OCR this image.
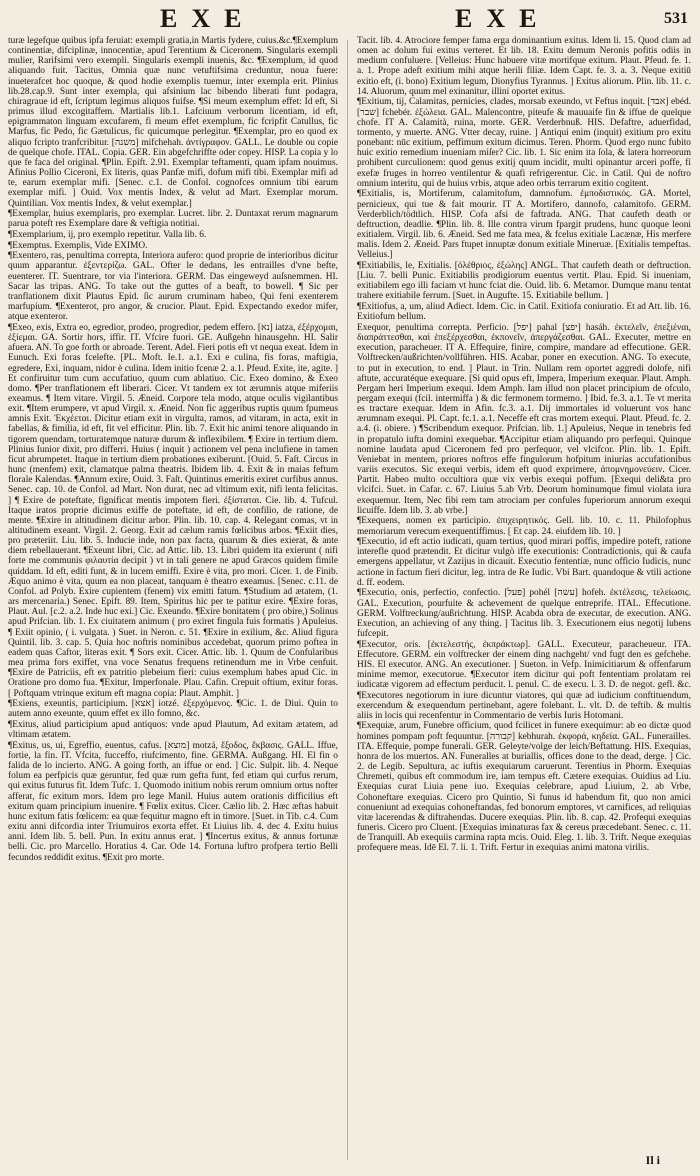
EXE	EXE	531

turæ legefque quibus ipfa feruiat: exempli gratia,in Martis fydere, cuius.&c.¶Exemplum continentiæ, difciplinæ, innocentiæ, apud Terentium & Ciceronem. Singularis exempli mulier, Rarifsimi vero exempli. Singularis exempli inuenis, &c. ¶Exemplum, id quod aliquando fuit. Tacitus, Omnia quæ nunc vetuftifsima creduntur, noua fuere: inueterafcet hoc quoque, & quod hodie exemplis tuemur, inter exempla erit. Plinius lib.28.cap.9. Sunt inter exempla, qui afsinium lac bibendo liberati funt podagra, chiragraue id eft, ſcriptum legimus aliquos fuifse. ¶Si meum exemplum effet: Id eft, Si primus illud excogitaffem. Martialis lib.1. Lafciuum verborum licentiam, id eft, epigrammaton linguam excufarem, fi meum effet exemplum, fic fcripfit Catullus, fic Marfus, fic Pedo, fic Gætulicus, fic quicumque perlegitur. ¶Exemplar, pro eo quod ex aliquo fcripto tranfcribitur. [משנה] mifchehah. ἀντίγραφον. GALL. Le double ou copie de quelque chofe. ITAL. Copia. GER. Ein abgefchriffte oder copey. HISP. La copia y lo que fe faca del original. ¶Plin. Epift. 2.91. Exemplar teftamenti, quam ipfam nouimus. Afinius Pollio Ciceroni, Ex literis, quas Panfæ mifi, dofum mifi tibi. Exemplar mifi ad te, earum exemplar mifi. [Senec. c.1. de Confol. cognofces omnium tibi earum exemplar mifi. ] Ouid. Vox mentis Index, & velut ad Mart. Exemplar morum. Quintilian. Vox mentis Index, & velut exemplar.]

¶Exemplar, huius exemplaris, pro exemplar. Lucret. libr. 2. Duntaxat rerum magnarum parua poteft res Exemplare dare & veftigia notitiai.

¶Exemplarium, ij, pro exemplo repetitur. Valla lib. 6.

¶Exemptus. Exemplis, Vide EXIMO.

¶Exentero, ras, penultima correpta, Interiora aufero: quod proprie de interioribus dicitur quum apparantur. ἐξεντερίζω. GAL. Ofter le dedans, les entrailles d'vne befte, euenterer. IT. Suentrare, tor via l'interiora. GERM. Das eingeweyd auſsnemmen. HI. Sacar las tripas. ANG. To take out the guttes of a beaft, to bowell. ¶ Sic per tranflationem dixit Plautus Epid. ſic aurum cruminam habeo, Qui feni exenterem marfupium. ¶Exenterot, pro angor, & crucior. Plaut. Epid. Expectando exedor mifer, atque exenteror.

¶Exeo, exis, Extra eo, egredior, prodeo, progredior, pedem effero. [נא] iatza, ἐξέρχομαι, ἐξίεμαι. GA. Sortir hors, iffir. IT. Vfcire fuori. GE. Außgehn hinausgehn. HI. Salir afuera. AN. To goe forth or abroade. Terent. Adel. Fieri potis eft vt nequa exeat. Idem in Eunuch. Exi foras fcelefte. [PL. Moft. Ie.1. a.1. Exi e culina, fis foras, maftigia, egredere, Exi, inquam, nidor è culina. Idem initio fcenæ 2. a.1. Pfeud. Exite, ite, agite. ] Et confiruitur tum cum accufatiuo, quum cum ablatiuo. Cic. Exeo domino, & Exeo domo. ¶Per tranflationem eft liberari. Cicer. Vt tandem ex tot ærumnis atque miferiis exeamus. ¶ Item vitare. Virgil. 5. Æneid. Corpore tela modo, atque oculis vigilantibus exit. ¶Item erumpere, vt apud Virgil. x. Æneid. Non fic aggeribus ruptis quum fpumeus amnis Exit. Ἐκχέεται. Dicitur etiam exit in virgulta, ramos, ad vitaram, in acta, exit in fabellas, & fimilia, id eft, fit vel efficitur. Plin. lib. 7. Exit hic animi tenore aliquando in tigorem quendam, torturatemque naturæ durum & inflexibilem. ¶ Exire in tertium diem. Plinius Iunior dixit, pro differri. Huius ( inquit ) actionem vel pena inclufiene in tamen ficut abrumpetet. Itaque in tertium diem probationes exiberunt. [Ouid. 5. Faſt. Circus in hunc (menfem) exit, clamatque palma theatris. Ibidem lib. 4. Exit & in maias feftum florale Kalendas. ¶Annum exire, Ouid. 3. Faſt. Quintinus emeritis exiret curfibus annus. Senec. cap. 10. de Confol. ad Mart. Non durat, nec ad vltimum exit, nifi lenta felicitas. ] ¶ Exire de poteftate, fignificat mentis impotem fieri. ἐξίσταται. Cie. lib. 4. Tufcul. Itaque iratos proprie dicimus exiffe de poteftate, id eft, de confilio, de ratione, de mente. ¶Exire in altitudinem dicitur arbor. Plin. lib. 10. cap. 4. Relegant comas, vt in altitudinem exeant. Virgil. 2. Georg. Exit ad cælum ramis fœlicibus arbos. ¶Exiit dies, pro præteriit. Liu. lib. 5. Inducie inde, non pax facta, quarum & dies exierat, & ante diem rebellauerant. ¶Exeunt libri, Cic. ad Attic. lib. 13. Libri quidem ita exierunt ( nifi forte me communis φιλαυτία decipit ) vt in tali genere ne apud Græcos quidem fimile quiddam. Id eft, editi funt, & in lucem emiffi. Exire è vita, pro mori. Cicer. 1. de Finib. Æquo animo è vita, quum ea non placeat, tanquam è theatro exeamus. [Senec. c.11. de Confol. ad Polyb. Exire cupientem (fenem) vix emitti fatum. ¶Studium ad ætatem, (1. ars mercenaria.) Senec. Epift. 89. Item, Spiritus hic per te patitur exire. ¶Exire foras, Plaut. Aul. [c.2. a.2. Inde huc exi.] Cic. Exeundo. ¶Exire bonitatem ( pro obire,) Solinus apud Prifcian. lib. 1. Ex ciuitatem animum ( pro exiret fingula fuis formatis ) Apuleius. ¶ Exiit opinio, ( i. vulgata. ) Suet. in Neron. c. 51. ¶Exire in exilium, &c. Aliud figura Quintil. lib. 3. cap. 5. Quia hoc noftris nominibus accedebat, quorum primo poftea in eadem quas Caftor, literas exit. ¶ Sors exit. Cicer. Attic. lib. 1. Quum de Confularibus mea prima fors exiffet, vna voce Senatus frequens retinendum me in Vrbe cenfuit. ¶Exire de Patriciis, eft ex patritio plebeium fieri: cuius exemplum habes apud Cic. in Oratione pro domo fua. ¶Exitur, Imperfonale. Plau. Cafin. Crepuit oftium, exitur foras. [ Poftquam vtrinque exitum eft magna copia: Plaut. Amphit. ]

¶Exiens, exeuntis, participium. [אצא] iotzé. ἐξερχόμενος. ¶Cic. 1. de Diui. Quin to autem anno exeunte, quum effet ex illo fomno, &c.

¶Exitus, aliud participium apud antiquos: vnde apud Plautum, Ad exitam ætatem, ad vltimam ætatem.

¶Exitus, us, ui, Egreffio, euentus, cafus. [מוצא] motzá, ἔξοδος, ἔκβασις. GALL. Iffue, fortie, la fin. IT. Vfcita, fucceffo, riufcimento, fine. GERMA. Außgang. HI. El fin o falida de lo incierto. ANG. A going forth, an iffue or end. ] Cic. Sulpit. lib. 4. Neque folum ea perfpicis quæ geruntur, fed quæ rum gefta funt, fed etiam qui curfus rerum, qui exitus futurus fit. Idem Tufc. 1. Quomodo initium nobis rerum omnium ortus nofter afferat, fic exitum mors. Idem pro lege Manil. Huius autem orationis difficilius eft exitum quam principium inuenire. ¶ Fœlix exitus. Cicer. Cælio lib. 2. Hæc æftas habuit hunc exitum fatis fœlicem: ea quæ fequitur magno eft in timore. [Suet. in Tib. c.4. Cum exitu anni difcordia inter Triumuiros exorta effet. Et Liuius lib. 4. dec 4. Exitu huius anni. Idem lib. 5. bell. Pun. In exitu annus erat. ] ¶Incertus exitus, & annus fortunæ belli. Cic. pro Marcello. Horatius 4. Car. Ode 14. Fortuna luftro profpera tertio Belli fecundos reddidit exitus. ¶Exit pro morte.

Tacit. lib. 4. Atrociore femper fama erga dominantium exitus. Idem li. 15. Quod clam ad omen ac dolum fui exitus verteret. Et lib. 18. Exitu demum Neronis pofitis odiis in medium confuluere. [Velleius: Hunc habuere vitæ mortifque exitum. Plaut. Pfeud. fe. 1. a. 1. Prope adeft exitium mihi atque herili filiæ. Idem Capt. fe. 3. a. 3. Neque exitiū exitio eft, (i. bono) Exitium legum, Dionyfius Tyrannus. ] Exitus aliorum. Plin. lib. 11. c. 14. Aluorum, quum mel exinanitur, illini oportet exitus.

¶Exitium, tij, Calamitas, pernicies, clades, morsab exeundo, vt Feftus inquit. [אבד] ebéd. [שבר] fchebér. ἐξώλεια. GAL. Malencontre, piteufe & mauuaife fin & iffue de quelque chofe. IT A. Calamità, ruina, morte. GER. Verderbnuß. HIS. Defaftre, aduerfidad, tormento, y muerte. ANG. Vtter decay, ruine. ] Antiqui enim (inquit) exitium pro exitu ponebant: nūc exitium, peffimum exitum dicimus. Teren. Phorm. Quod ergo nunc fubito huic exitio remedium inueniam miſer? Cic. lib. 1. Sic enim ita ſola, & latera horreorum prohibent curculionem: quod genus exitij quum incidit, multi opinantur arceri poffe, fi exefæ fruges in horreo ventilentur & quafi refrigerentur. Cic. in Catil. Qui de noftro omnium interitu, qui de huius vrbis, atque adeo orbis terrarum exitio cogitent.

¶Exitialis, is, Mortiferum, calamitofum, damnofum. ἐμποδιστικός. GA. Mortel, pernicieux, qui tue & fait mourir. IT A. Mortifero, dannofo, calamitofo. GERM. Verderblich/tödtlich. HISP. Cofa afsi de faftrada. ANG. That caufeth death or deftruction, deadlie. ¶Plin. lib. 8. Ille contra virum fpargit prudens, hunc quoque leoni exitialem. Virgil. lib. 6. Æneid. Sed me fata mea, & fcelus exitiale Lacænæ, His merfere malis. Idem 2. Æneid. Pars ftupet innuptæ donum exitiale Mineruæ. [Exitialis tempeftas. Velleius.]

¶Exitiabilis, le, Exitialis. [ὀλέθριος, ἐξώλης] ANGL. That caufeth death or deftruction. [Liu. 7. belli Punic. Exitiabilis prodigiorum euentus vertit. Plau. Epid. Si inueniam, exitiabilem ego illi faciam vt hunc fciat die. Ouid. lib. 6. Metamor. Dumque manu tentat trahere exitiabile ferrum. [Suet. in Augufte. 15. Exitiabile bellum. ]

¶Exitiofus, a, um, aliud Adiect. Idem. Cic. in Catil. Exitiofa coniuratio. Et ad Att. lib. 16. Exitiofum bellum.

Exequor, penultima correpta. Perficio. [יפל] pahal [יפצ] hasáh. ἐκτελεῖν, ἐπεξιέναι, διαπράττεσθαι, καὶ ἐπεξέρχεσθαι, ἐκπονεῖν, ἀπεργάζεσθαι. GAL. Executer, mettre en execution, paracheuer. IT A. Effequire, finire, compire, mandare ad effecutione. GER. Volftrecken/außrichten/vollführen. HIS. Acabar, poner en execution. ANG. To execute, to put in execution, to end. ] Plaut. in Trin. Nullam rem oportet aggredi dolofe, nifi aftute, accuratéque exequare. [Si quid opus eft, Impera, Imperium exequar. Plaut. Amph. Pergam heri Imperium exequi. Idem Amph. Iam illud non placet principium de ofculo, pergam exequi (fcil. intermiffa ) & dic fermonem tormemo. ] Ibid. fe.3. a.1. Te vt merita es tractare exequar. Idem in Afin. fc.3. a.1. Dij immortales id voluerunt vos hanc ærumnam exequi. Pl. Capt. fc.1. a.1. Neceffe eft cras mortem exequi. Plaut. Pfeud. fc. 2. a.4. (i. obiere. ) ¶Scribendum exequor. Prifcian. lib. 1.] Apuleius, Neque in tenebris fed in propatulo iufta domini exequebar. ¶Accipitur etiam aliquando pro perfequi. Quinque nomine laudata apud Ciceronem fed pro perfequor, vel vlcifcor. Plin. lib. 1. Epift. Veniebat in mentem, priores noftros effe fingulorum hofpitum iniurias accufationibus variis executos. Sic exequi verbis, idem eft quod exprimere, ἀπομνημονεύειν. Cicer. Partit. Habeo multo occultiora quæ vix verbis exequi poffum. [Exequi deli&ta pro vlcifci. Suet. in Cafar. c. 67. Liuius 5.ab Vrb. Deorum hominumque fimul violata iura exequemur. Item, Nec fibi rem tam atrociam per confules fuperiorum annorum exequi licuiffe. Idem lib. 3. ab vrbe.]

¶Exequens, nomen ex participio. ἐπιχειρητικός. Gell. lib. 10. c. 11. Philofophus memoriarum verecum exequentiffimus. [ Et cap. 24. eiufdem lib. 10. ]

¶Executio, id eft actio iudicati, quam tertius, quod mirari poffis, impedire poteft, ratione interefle quod prætendit. Et dicitur vulgò iffe executionis: Contradictionis, qui & caufa emergens appellatur, vt Zazijus in dicauit. Executio fententiæ, nunc officio Iudicis, nunc actione in factum fieri dicitur, leg. intra de Re Iudic. Vbi Bart. quandoque & vtili actione d. ff. eodem.

¶Executio, onis, perfectio, confectio. [פעל] pohél [עשה] hofeh. ἐκτέλεσις, τελείωσις. GAL. Execution, pourfuite & achevement de quelque entreprife. ITAL. Effecutione. GERM. Volftreckung/außrichtung. HISP. Acabda obra de executar, de execution. ANG. Execution, an achieving of any thing. ] Tacitus lib. 3. Executionem eius negotij lubens fufcepit.

¶Executor, oris. [ἐκτελεστής, ἐκπράκτωρ]. GALL. Executeur, paracheueur. ITA. Effecutore. GERM. ein volftrecker der einem ding nachgeht/ vnd fugt den es gefchehe. HIS. El executor. ANG. An executioner. ] Sueton. in Vefp. Inimicitiarum & offenfarum minime memor, executorue. ¶Executor item dicitur qui poft fententiam prolatam rei iudicatæ vigorem ad effectum perducit. l. penul. C. de execu. l. 3. D. de negot. gefl. &c. ¶Executores negotiorum in iure dicuntur viatores, qui quæ ad iudicium conftituendum, exercendum & exequendum pertinebant, agere folebant. L. vlt. D. de teftib. & multis aliis in locis qui recenfentur in Commentario de verbis Iuris Hotomani.

¶Exequiæ, arum, Funebre officium, quod fcilicet in funere exequimur: ab eo dictæ quod homines pompam poft fequuntur. [קבורה] kebhurah. ἐκφορά, κηδεία. GAL. Funerailles. ITA. Effequie, pompe funerali. GER. Geleyte/volge der leich/Beftattung. HIS. Exequias, honra de los muertos. AN. Funeralles at buriallis, offices done to the dead, derge. ] Cic. 2. de Legib. Sepultura, ac iuftis exequiarum caruerunt. Terentius in Phorm. Exequias Chremeti, quibus eft commodum ire, iam tempus eft. Cætere exequias. Ouidius ad Liu. Exequias curat Liuia pene iuo. Exequias celebrare, apud Liuium, 2. ab Vrbe, Cohoneftare exequias. Cicero pro Quintio, Si funus id habendum fit, quo non amici conueniunt ad exequias cohoneftandas, fed bonorum emptores, vt carnifices, ad reliquias vitæ lacerendas & diftrahendas. Ducere exequias. Plin. lib. 8. cap. 42. Profequi exequias funeris. Cicero pro Cluent. [Exequias iminaturas fax & cereus præcedebant. Senec. c. 11. de Tranquill. Ab exequiis carmina rapta mcis. Ouid. Eleg. 1. lib. 3. Trift. Neque exequias profequere meas. Idē El. 7. li. 1. Trift. Fertur in exequias animi matona virilis.

Il i
